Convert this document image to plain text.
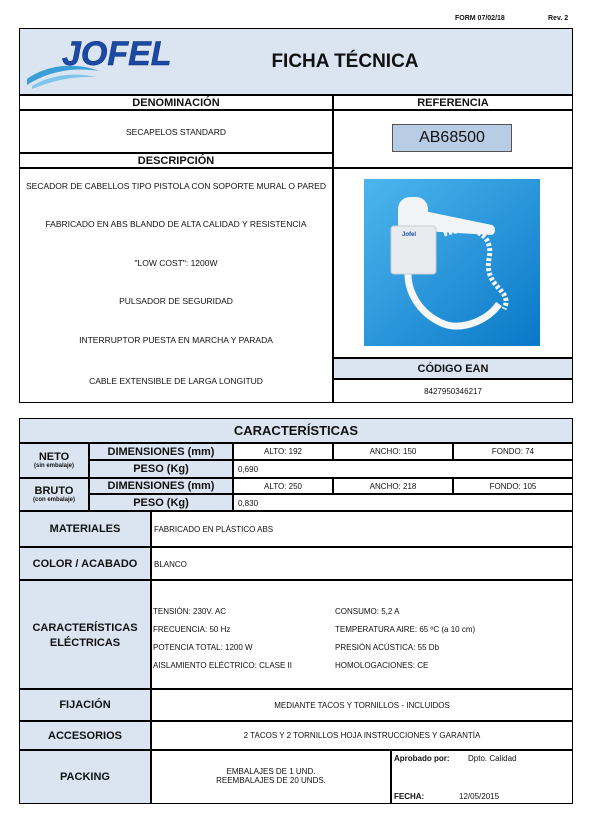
FORM 07/02/18	Rev. 2
JOFEL	FICHA TÉCNICA
DENOMINACIÓN	REFERENCIA
SECAPELOS STANDARD	AB68500
DESCRIPCIÓN
SECADOR DE CABELLOS TIPO PISTOLA CON SOPORTE MURAL O PARED
FABRICADO EN ABS BLANDO DE ALTA CALIDAD Y RESISTENCIA
"LOW COST": 1200W
PULSADOR DE SEGURIDAD
INTERRUPTOR PUESTA EN MARCHA Y PARADA
CABLE EXTENSIBLE DE LARGA LONGITUD
Jofel
CÓDIGO EAN
8427950346217
CARACTERÍSTICAS
NETO
(sin embalaje)
DIMENSIONES (mm)	ALTO: 192	ANCHO: 150	FONDO: 74
PESO (Kg)	0,690
BRUTO
(con embalaje)
DIMENSIONES (mm)	ALTO: 250	ANCHO: 218	FONDO: 105
PESO (Kg)	0,830
MATERIALES	FABRICADO EN PLÁSTICO ABS
COLOR / ACABADO	BLANCO
CARACTERÍSTICAS
ELÉCTRICAS
TENSIÓN: 230V. AC
FRECUENCIA: 50 Hz
POTENCIA TOTAL: 1200 W
AISLAMIENTO ELÉCTRICO: CLASE II
CONSUMO: 5,2 A
TEMPERATURA AIRE: 65 ºC (a 10 cm)
PRESIÓN ACÚSTICA: 55 Db
HOMOLOGACIONES: CE
FIJACIÓN	MEDIANTE TACOS Y TORNILLOS - INCLUIDOS
ACCESORIOS	2 TACOS Y 2 TORNILLOS HOJA INSTRUCCIONES Y GARANTÍA
PACKING	EMBALAJES DE 1 UND.
REEMBALAJES DE 20 UNDS.
Aprobado por: Dpto. Calidad
FECHA:	12/05/2015
